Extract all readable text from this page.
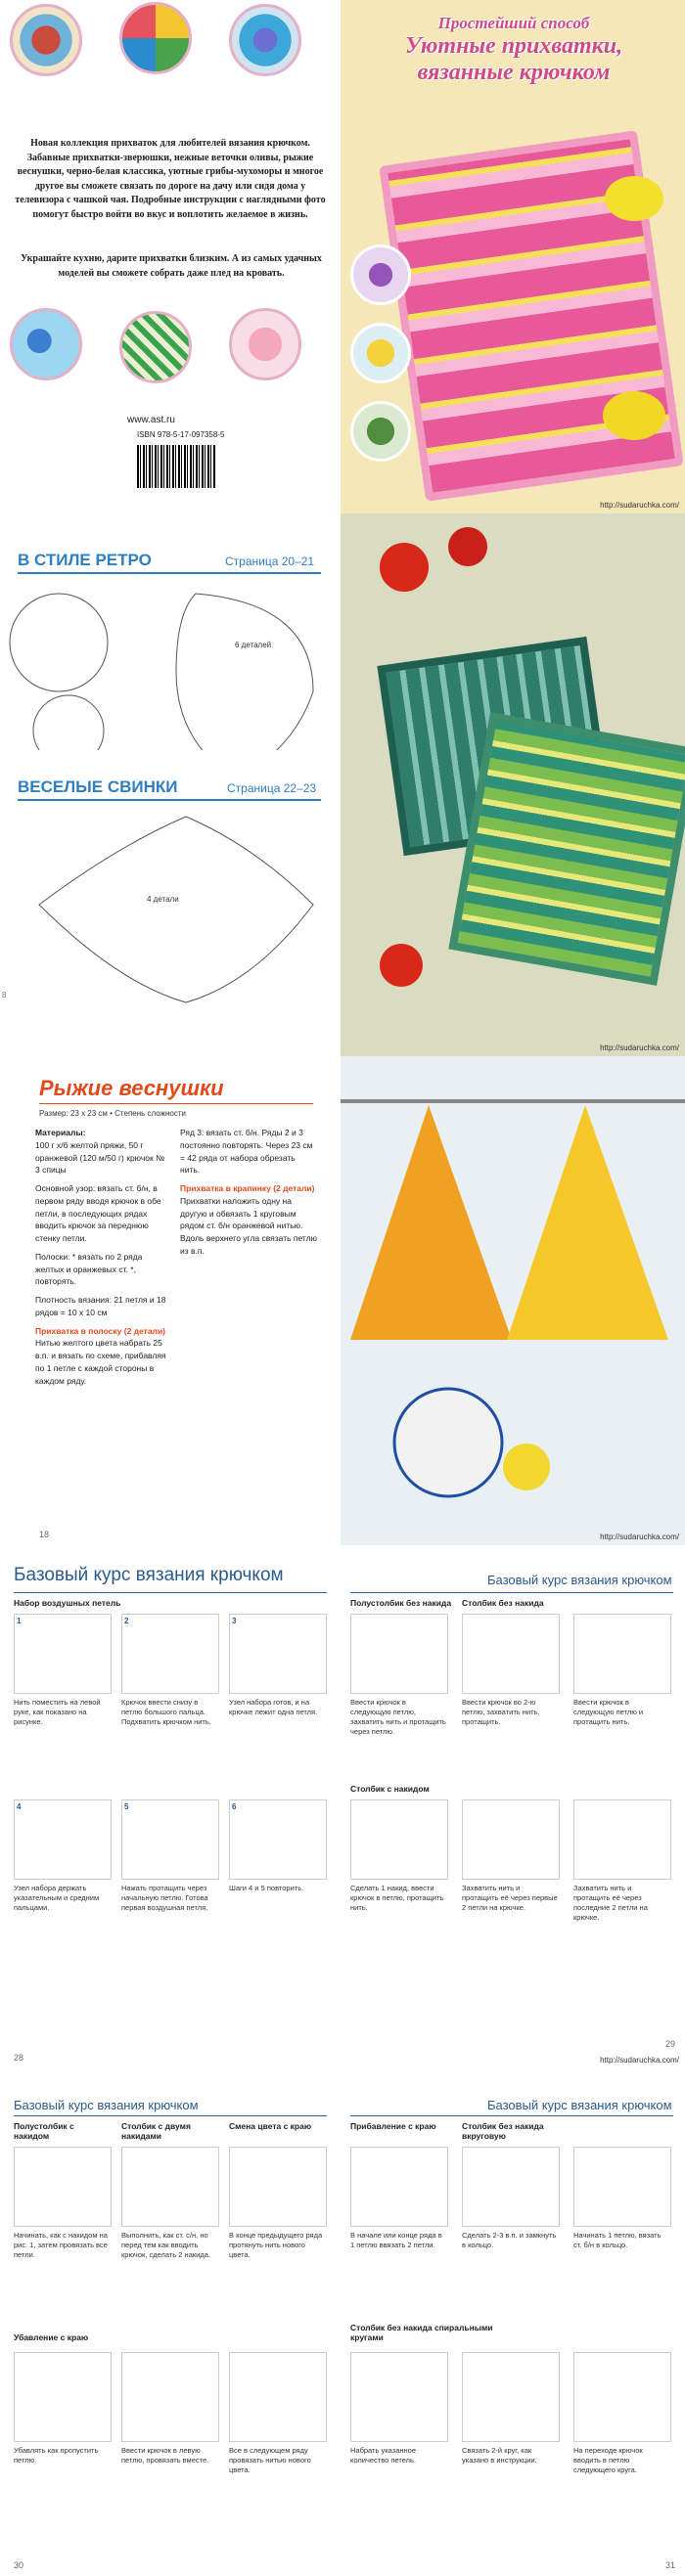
Новая коллекция прихваток для любителей вязания крючком. Забавные прихватки-зверюшки, нежные веточки оливы, рыжие веснушки, черно-белая классика, уютные грибы-мухоморы и многое другое вы сможете связать по дороге на дачу или сидя дома у телевизора с чашкой чая. Подробные инструкции с наглядными фото помогут быстро войти во вкус и воплотить желаемое в жизнь.
Украшайте кухню, дарите прихватки близким. А из самых удачных моделей вы сможете собрать даже плед на кровать.
www.ast.ru
ISBN 978-5-17-097358-5
Простейший способ
Уютные прихватки,
вязанные крючком
http://sudaruchka.com/
В СТИЛЕ РЕТРО	Страница 20–21
6 деталей
ВЕСЕЛЫЕ СВИНКИ	Страница 22–23
4 детали
8
http://sudaruchka.com/
Рыжие веснушки
Размер: 23 х 23 см • Степень сложности
Материалы:
100 г х/б желтой пряжи, 50 г оранжевой (120 м/50 г) крючок № 3 спицы
Основной узор: вязать ст. б/н, в первом ряду вводя крючок в обе петли, в последующих рядах вводить крючок за переднюю стенку петли.
Полоски: * вязать по 2 ряда желтых и оранжевых ст. *, повторять.
Плотность вязания: 21 петля и 18 рядов = 10 х 10 см
Прихватка в полоску (2 детали)
Нитью желтого цвета набрать 25 в.п. и вязать по схеме, прибавляя по 1 петле с каждой стороны в каждом ряду.
Ряд 3: вязать ст. б/н. Ряды 2 и 3 постоянно повторять. Через 23 см = 42 ряда от набора обрезать нить.
Прихватка в крапинку (2 детали)
Прихватки наложить одну на другую и обвязать 1 круговым рядом ст. б/н оранжевой нитью. Вдоль верхнего угла связать петлю из в.п.
18	http://sudaruchka.com/
Базовый курс вязания крючком
Набор воздушных петель
1	2	3
Нить поместить на левой руке, как показано на рисунке.
Крючок ввести снизу в петлю большого пальца. Подхватить крючком нить.
Узел набора готов, и на крючке лежит одна петля.
4	5	6
Узел набора держать указательным и средним пальцами.
Нажать протащить через начальную петлю. Готова первая воздушная петля.
Шаги 4 и 5 повторить.
28
Базовый курс вязания крючком
Полустолбик без накида Столбик без накида
Ввести крючок в следующую петлю, захватить нить и протащить через петлю.
Ввести крючок во 2-ю петлю, захватить нить, протащить.
Ввести крючок в следующую петлю и протащить нить.
Столбик с накидом
Сделать 1 накид, ввести крючок в петлю, протащить нить.
Захватить нить и протащить её через первые 2 петли на крючке.
Захватить нить и протащить её через последние 2 петли на крючке.
29
http://sudaruchka.com/
Базовый курс вязания крючком
Полустолбик с накидом
Столбик с двумя накидами
Смена цвета с краю
Начинать, как с накидом на рис. 1, затем провязать все петли.
Выполнить, как ст. с/н, но перед тем как вводить крючок, сделать 2 накида.
В конце предыдущего ряда протянуть нить нового цвета.
Убавление с краю
Убавлять как пропустить петлю.
Ввести крючок в левую петлю, провязать вместе.
Все в следующем ряду провязать нитью нового цвета.
30
Базовый курс вязания крючком
Прибавление с краю	Столбик без накида вкруговую
В начале или конце ряда в 1 петлю ввязать 2 петли.
Сделать 2-3 в.п. и замкнуть в кольцо.
Начинать 1 петлю, вязать ст. б/н в кольцо.
Столбик без накида спиральными кругами
Набрать указанное количество петель.
Связать 2-й круг, как указано в инструкции.
На переходе крючок вводить в петлю следующего круга.
31
